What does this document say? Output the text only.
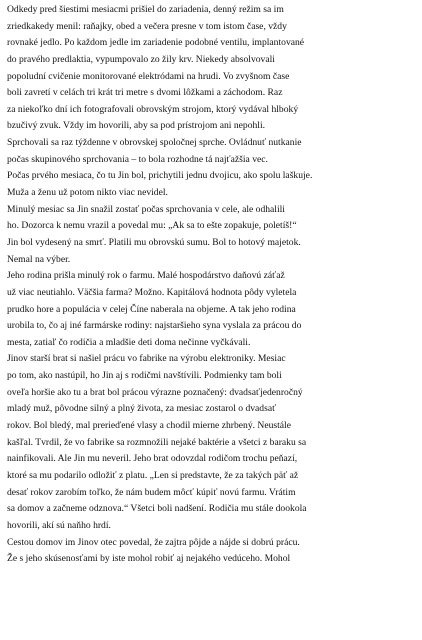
Odkedy pred šiestimi mesiacmi prišiel do zariadenia, denný režim sa im
zriedkakedy menil: raňajky, obed a večera presne v tom istom čase, vždy
rovnaké jedlo. Po každom jedle im zariadenie podobné ventilu, implantované
do pravého predlaktia, vypumpovalo zo žily krv. Niekedy absolvovali
popoludní cvičenie monitorované elektródami na hrudi. Vo zvyšnom čase
boli zavretí v celách tri krát tri metre s dvomi lôžkami a záchodom. Raz
za niekoľko dní ich fotografovali obrovským strojom, ktorý vydával hlboký
bzučivý zvuk. Vždy im hovorili, aby sa pod prístrojom ani nepohli.
Sprchovali sa raz týždenne v obrovskej spoločnej sprche. Ovládnuť nutkanie
počas skupinového sprchovania – to bola rozhodne tá najťažšia vec.
Počas prvého mesiaca, čo tu Jin bol, prichytili jednu dvojicu, ako spolu laškuje.
Muža a ženu už potom nikto viac nevidel.
Minulý mesiac sa Jin snažil zostať počas sprchovania v cele, ale odhalili
ho. Dozorca k nemu vrazil a povedal mu: „Ak sa to ešte zopakuje, poletíš!“
Jin bol vydesený na smrť. Platili mu obrovskú sumu. Bol to hotový majetok.
Nemal na výber.
Jeho rodina prišla minulý rok o farmu. Malé hospodárstvo daňovú záťaž
už viac neutiahlo. Väčšia farma? Možno. Kapitálová hodnota pôdy vyletela
prudko hore a populácia v celej Číne naberala na objeme. A tak jeho rodina
urobila to, čo aj iné farmárske rodiny: najstaršieho syna vyslala za prácou do
mesta, zatiaľ čo rodičia a mladšie deti doma nečinne vyčkávali.
Jinov starší brat si našiel prácu vo fabrike na výrobu elektroniky. Mesiac
po tom, ako nastúpil, ho Jin aj s rodičmi navštívili. Podmienky tam boli
oveľa horšie ako tu a brat bol prácou výrazne poznačený: dvadsaťjedenročný
mladý muž, pôvodne silný a plný života, za mesiac zostarol o dvadsať
rokov. Bol bledý, mal prerieďené vlasy a chodil mierne zhrbený. Neustále
kašľal. Tvrdil, že vo fabrike sa rozmnožili nejaké baktérie a všetci z baraku sa
nainfikovali. Ale Jin mu neveril. Jeho brat odovzdal rodičom trochu peňazí,
ktoré sa mu podarilo odložiť z platu. „Len si predstavte, že za takých päť až
desať rokov zarobím toľko, že nám budem môcť kúpiť novú farmu. Vrátim
sa domov a začneme odznova.“ Všetci boli nadšení. Rodičia mu stále dookola
hovorili, akí sú naňho hrdí.
Cestou domov im Jinov otec povedal, že zajtra pôjde a nájde si dobrú prácu.
Že s jeho skúsenosťami by iste mohol robiť aj nejakého vedúceho. Mohol
